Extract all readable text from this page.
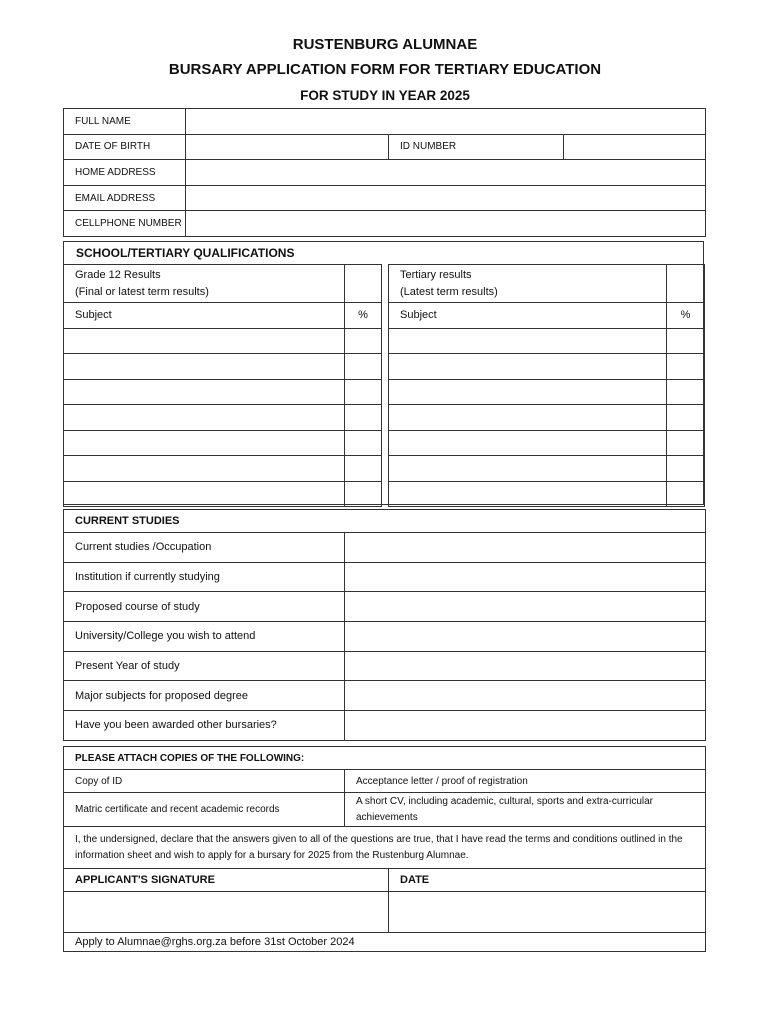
RUSTENBURG ALUMNAE
BURSARY APPLICATION FORM FOR TERTIARY EDUCATION
FOR STUDY IN YEAR 2025
FULL NAME			
DATE OF BIRTH		ID NUMBER	
HOME ADDRESS			
EMAIL ADDRESS			
CELLPHONE NUMBER			
SCHOOL/TERTIARY QUALIFICATIONS
Grade 12 Results
(Final or latest term results)	

Subject	%

Tertiary results
(Latest term results)	

Subject	%

CURRENT STUDIES	
Current studies /Occupation	
Institution if currently studying	
Proposed course of study	
University/College you wish to attend	
Present Year of study	
Major subjects for proposed degree	
Have you been awarded other bursaries?	
PLEASE ATTACH COPIES OF THE FOLLOWING:		
Copy of ID	Acceptance letter / proof of registration	
Matric certificate and recent academic records	A short CV, including academic, cultural, sports and extra-curricular
achievements	

I, the undersigned, declare that the answers given to all of the questions are true, that I have read the terms and conditions outlined in the information sheet and wish to apply for a bursary for 2025 from the Rustenburg Alumnae.		
APPLICANT'S SIGNATURE		DATE

Apply to Alumnae@rghs.org.za before 31st October 2024		
